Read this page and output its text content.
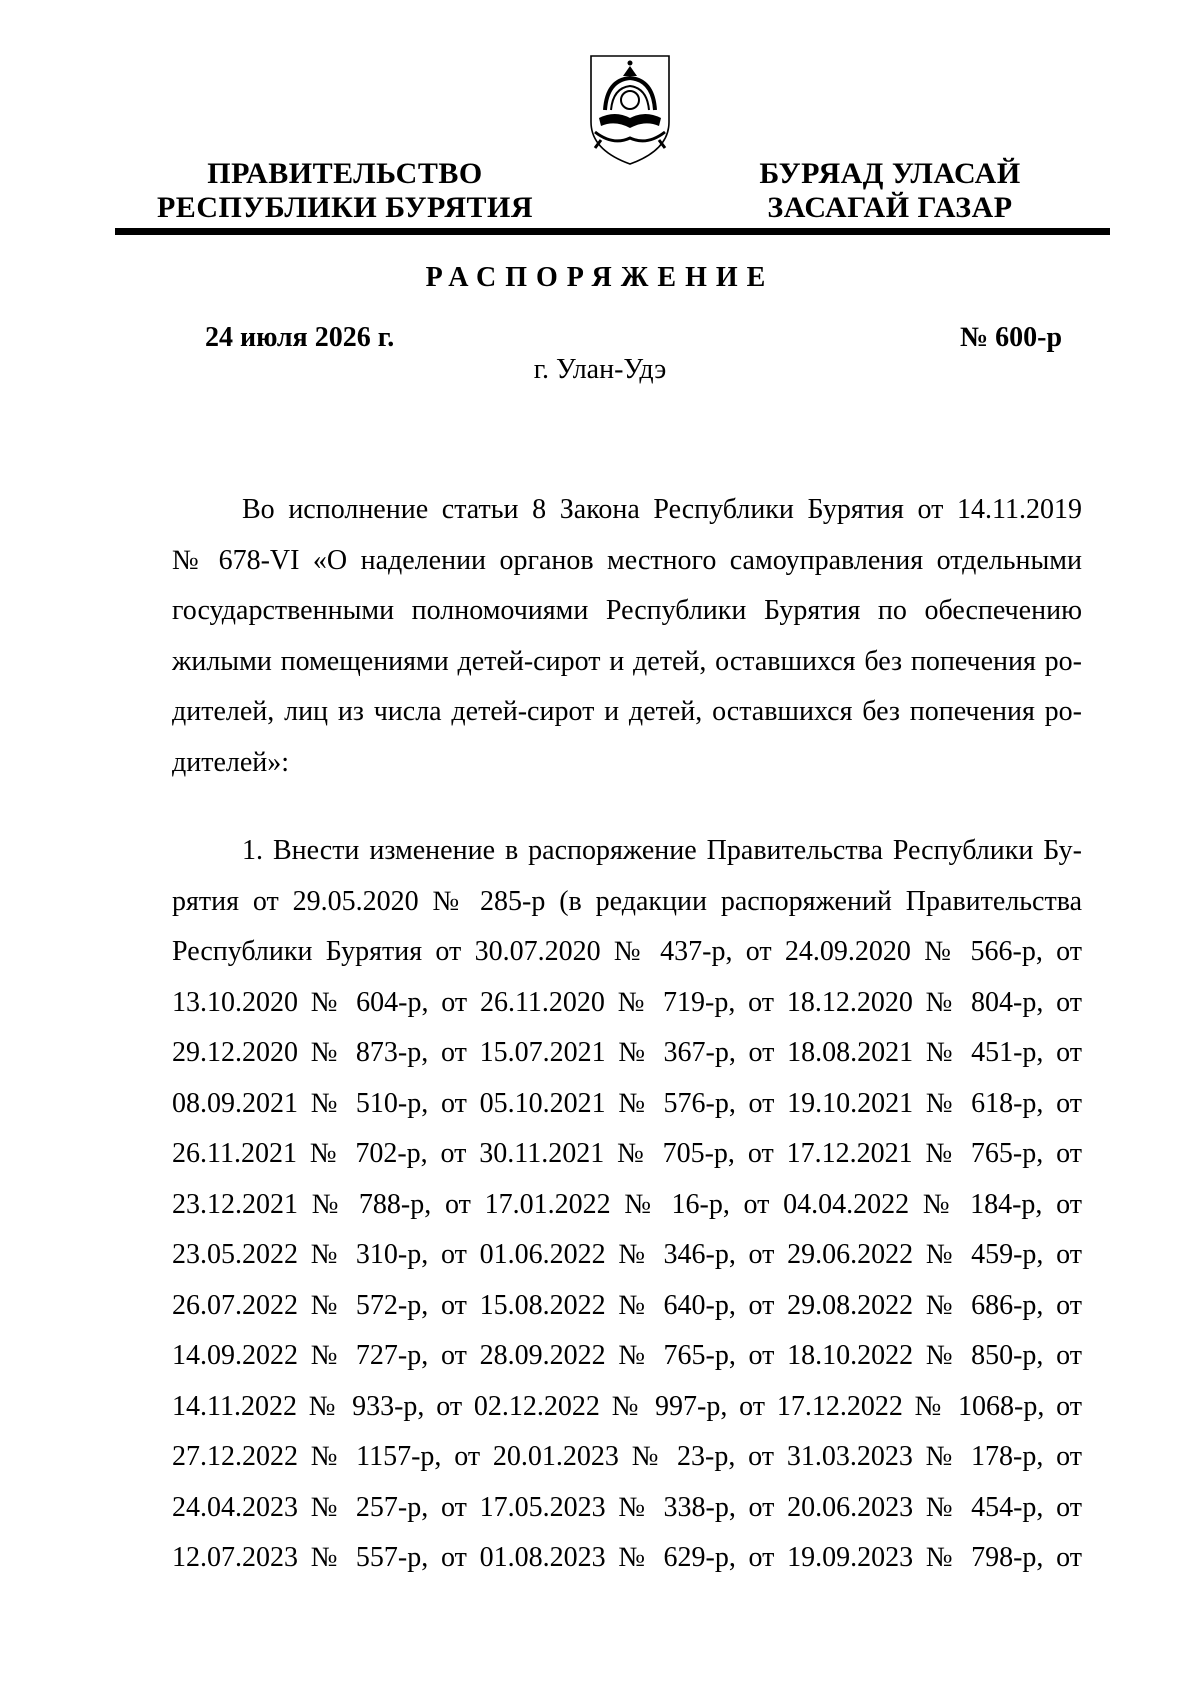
ПРАВИТЕЛЬСТВО
РЕСПУБЛИКИ БУРЯТИЯ
БУРЯАД УЛАСАЙ
ЗАСАГАЙ ГАЗАР
РАСПОРЯЖЕНИЕ
24 июля 2026 г.	№ 600-р
г. Улан-Удэ
Во исполнение статьи 8 Закона Республики Бурятия от 14.11.2019
№ 678-VI «О наделении органов местного самоуправления отдельными
государственными полномочиями Республики Бурятия по обеспечению
жилыми помещениями детей-сирот и детей, оставшихся без попечения ро-
дителей, лиц из числа детей-сирот и детей, оставшихся без попечения ро-
дителей»:
1. Внести изменение в распоряжение Правительства Республики Бу-
рятия от 29.05.2020 № 285-р (в редакции распоряжений Правительства
Республики Бурятия от 30.07.2020 № 437-р, от 24.09.2020 № 566-р, от
13.10.2020 № 604-р, от 26.11.2020 № 719-р, от 18.12.2020 № 804-р, от
29.12.2020 № 873-р, от 15.07.2021 № 367-р, от 18.08.2021 № 451-р, от
08.09.2021 № 510-р, от 05.10.2021 № 576-р, от 19.10.2021 № 618-р, от
26.11.2021 № 702-р, от 30.11.2021 № 705-р, от 17.12.2021 № 765-р, от
23.12.2021 № 788-р, от 17.01.2022 № 16-р, от 04.04.2022 № 184-р, от
23.05.2022 № 310-р, от 01.06.2022 № 346-р, от 29.06.2022 № 459-р, от
26.07.2022 № 572-р, от 15.08.2022 № 640-р, от 29.08.2022 № 686-р, от
14.09.2022 № 727-р, от 28.09.2022 № 765-р, от 18.10.2022 № 850-р, от
14.11.2022 № 933-р, от 02.12.2022 № 997-р, от 17.12.2022 № 1068-р, от
27.12.2022 № 1157-р, от 20.01.2023 № 23-р, от 31.03.2023 № 178-р, от
24.04.2023 № 257-р, от 17.05.2023 № 338-р, от 20.06.2023 № 454-р, от
12.07.2023 № 557-р, от 01.08.2023 № 629-р, от 19.09.2023 № 798-р, от
